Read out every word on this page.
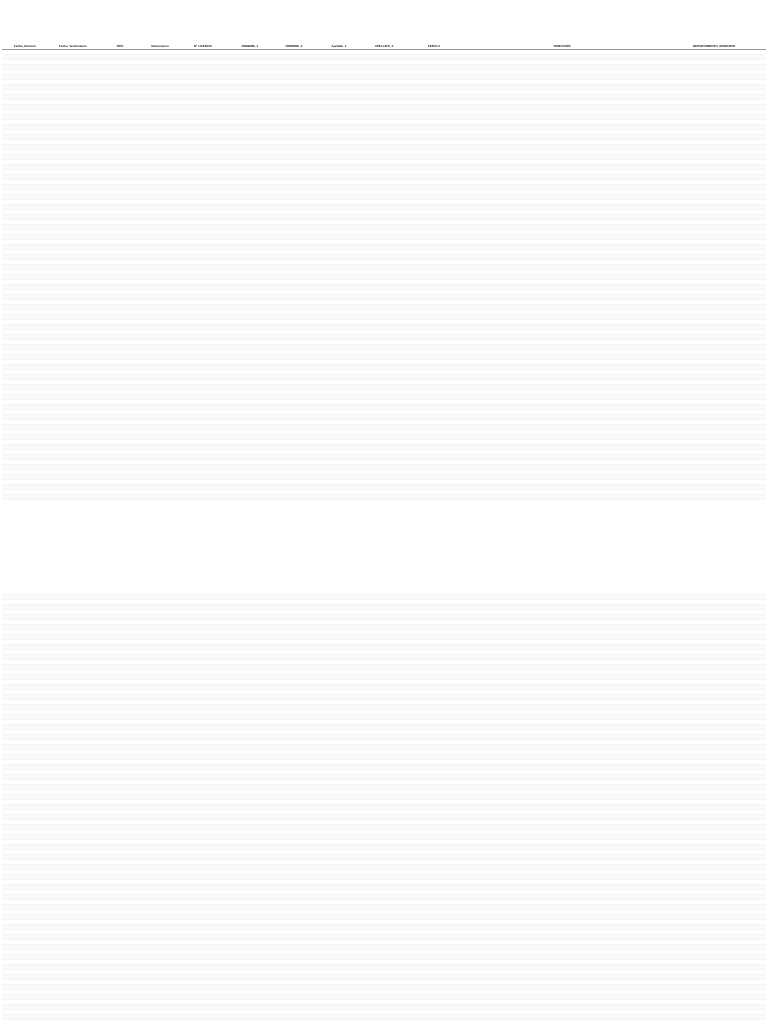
Fecha_Emision	Fecha_Vencimiento	TIPO	Numeracion	Nº LICENCIA	NOMBRE_1	NOMBRE_2	Apellido_1	APELLIDO_2	CEDULA	DIRECCION	DEPARTAMENTO_MUNICIPIO
